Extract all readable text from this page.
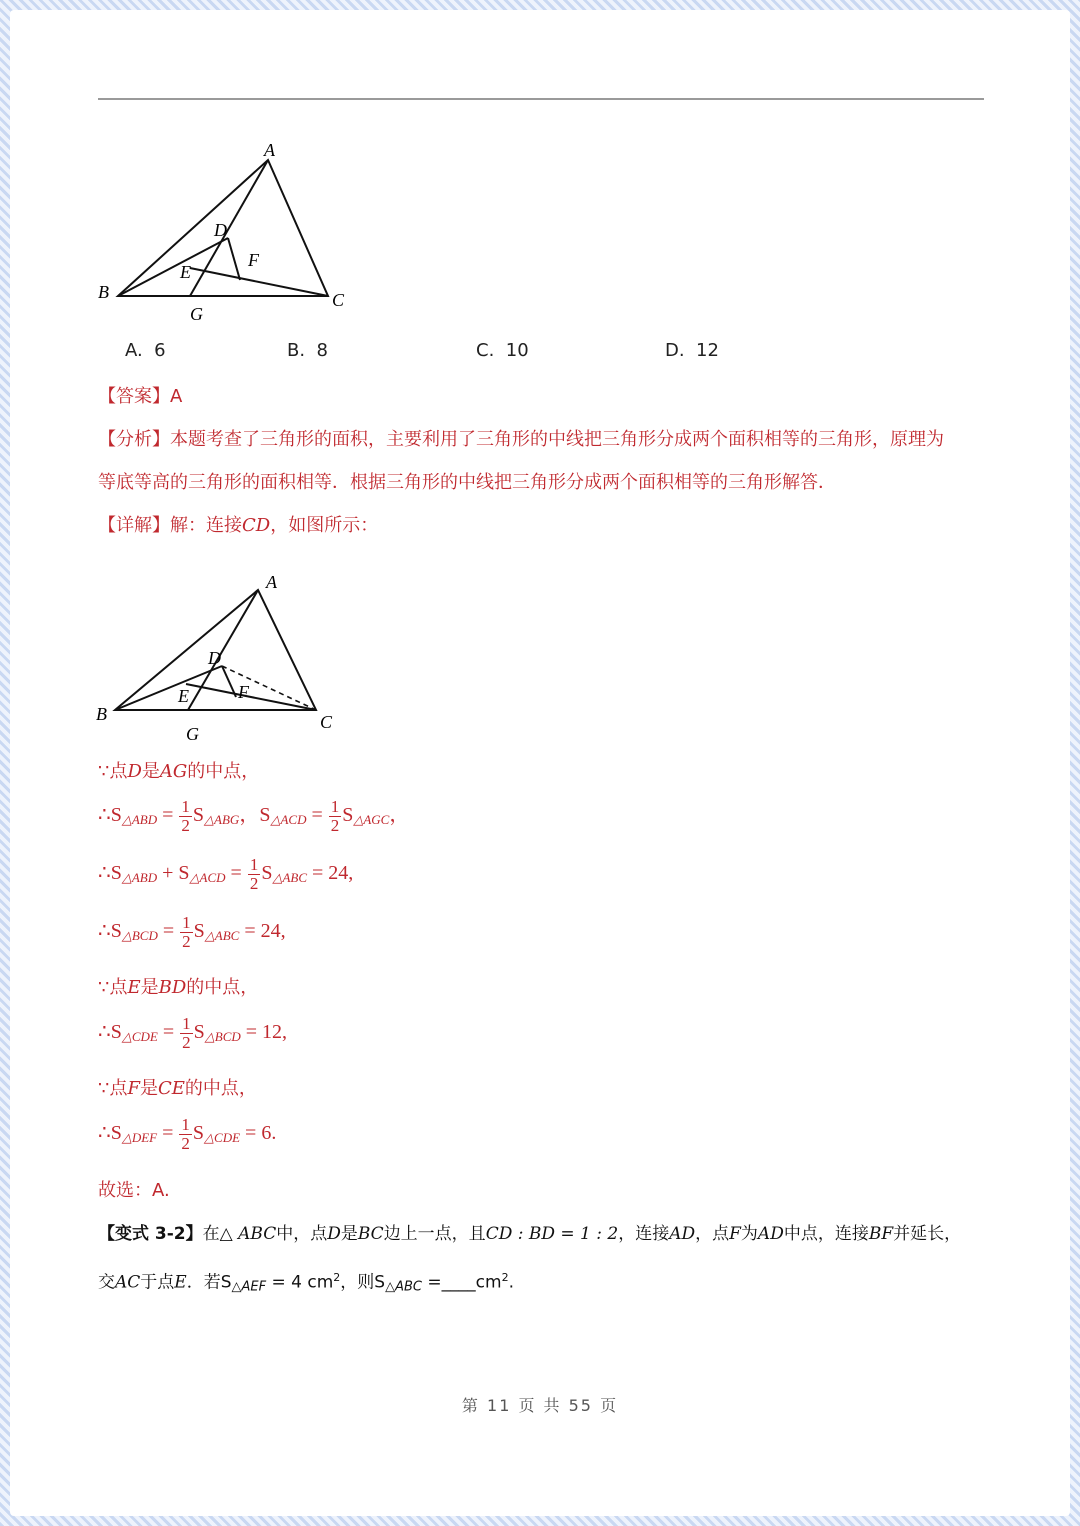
A
B	C
D
E
F
G
A. 6	B. 8	C. 10	D. 12
【答案】A
【分析】本题考查了三角形的面积，主要利用了三角形的中线把三角形分成两个面积相等的三角形，原理为
等底等高的三角形的面积相等．根据三角形的中线把三角形分成两个面积相等的三角形解答．
【详解】解：连接CD，如图所示：
A
B	C
D
E	F
G
∵点D是AG的中点，
$\therefore S_{\triangle ABD} = \frac{1}{2} S_{\triangle ABG}$，$S_{\triangle ACD} = \frac{1}{2} S_{\triangle AGC}$，
$\therefore S_{\triangle ABD} + S_{\triangle ACD} = \frac{1}{2} S_{\triangle ABC} = 24$,
$\therefore S_{\triangle BCD} = \frac{1}{2} S_{\triangle ABC} = 24$,
∵点E是BD的中点，
$\therefore S_{\triangle CDE} = \frac{1}{2} S_{\triangle BCD} = 12$,
∵点F是CE的中点，
$\therefore S_{\triangle DEF} = \frac{1}{2} S_{\triangle CDE} = 6$.
故选：A.
【变式 3-2】在△ ABC中，点D是BC边上一点，且CD : BD = 1 : 2，连接AD，点F为AD中点，连接BF并延长，
交AC于点E．若$S_{\triangle AEF} = 4$ $cm^2$，则$S_{\triangle ABC}$ $=\_\_\_\_cm^2$.
第 11 页 共 55 页
